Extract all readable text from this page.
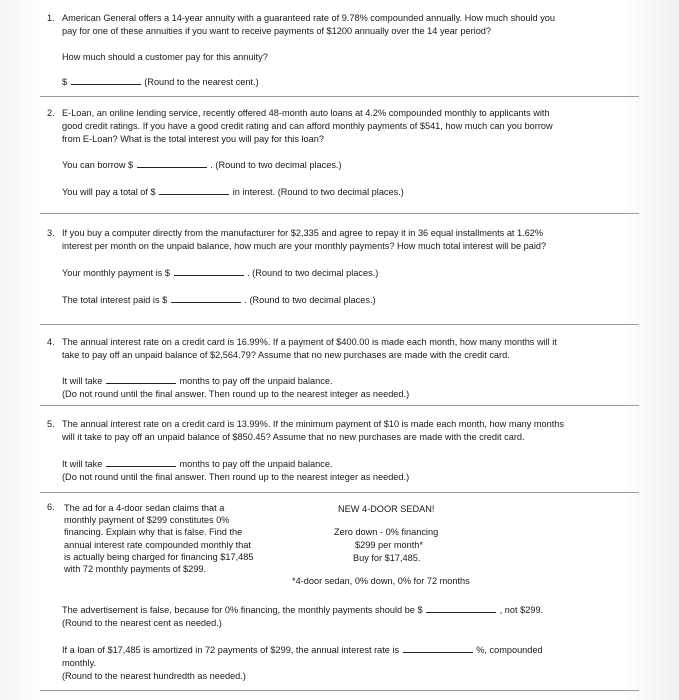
1. American General offers a 14-year annuity with a guaranteed rate of 9.78% compounded annually. How much should you
pay for one of these annuities if you want to receive payments of $1200 annually over the 14 year period?
How much should a customer pay for this annuity?
$	(Round to the nearest cent.)
2. E-Loan, an online lending service, recently offered 48-month auto loans at 4.2% compounded monthly to applicants with
good credit ratings. If you have a good credit rating and can afford monthly payments of $541, how much can you borrow
from E-Loan? What is the total interest you will pay for this loan?
You can borrow $	. (Round to two decimal places.)
You will pay a total of $	in interest. (Round to two decimal places.)
3. If you buy a computer directly from the manufacturer for $2,335 and agree to repay it in 36 equal installments at 1.62%
interest per month on the unpaid balance, how much are your monthly payments? How much total interest will be paid?
Your monthly payment is $	. (Round to two decimal places.)
The total interest paid is $	. (Round to two decimal places.)
4. The annual interest rate on a credit card is 16.99%. If a payment of $400.00 is made each month, how many months will it
take to pay off an unpaid balance of $2,564.79? Assume that no new purchases are made with the credit card.
It will take	months to pay off the unpaid balance.
(Do not round until the final answer. Then round up to the nearest integer as needed.)
5. The annual interest rate on a credit card is 13.99%. If the minimum payment of $10 is made each month, how many months
will it take to pay off an unpaid balance of $850.45? Assume that no new purchases are made with the credit card.
It will take	months to pay off the unpaid balance.
(Do not round until the final answer. Then round up to the nearest integer as needed.)
6. The ad for a 4-door sedan claims that a
monthly payment of $299 constitutes 0%
financing. Explain why that is false. Find the
annual interest rate compounded monthly that
is actually being charged for financing $17,485
with 72 monthly payments of $299.
NEW 4-DOOR SEDAN!
Zero down - 0% financing
$299 per month*
Buy for $17,485.
*4-door sedan, 0% down, 0% for 72 months
The advertisement is false, because for 0% financing, the monthly payments should be $	, not $299.
(Round to the nearest cent as needed.)
If a loan of $17,485 is amortized in 72 payments of $299, the annual interest rate is	%, compounded
monthly.
(Round to the nearest hundredth as needed.)
